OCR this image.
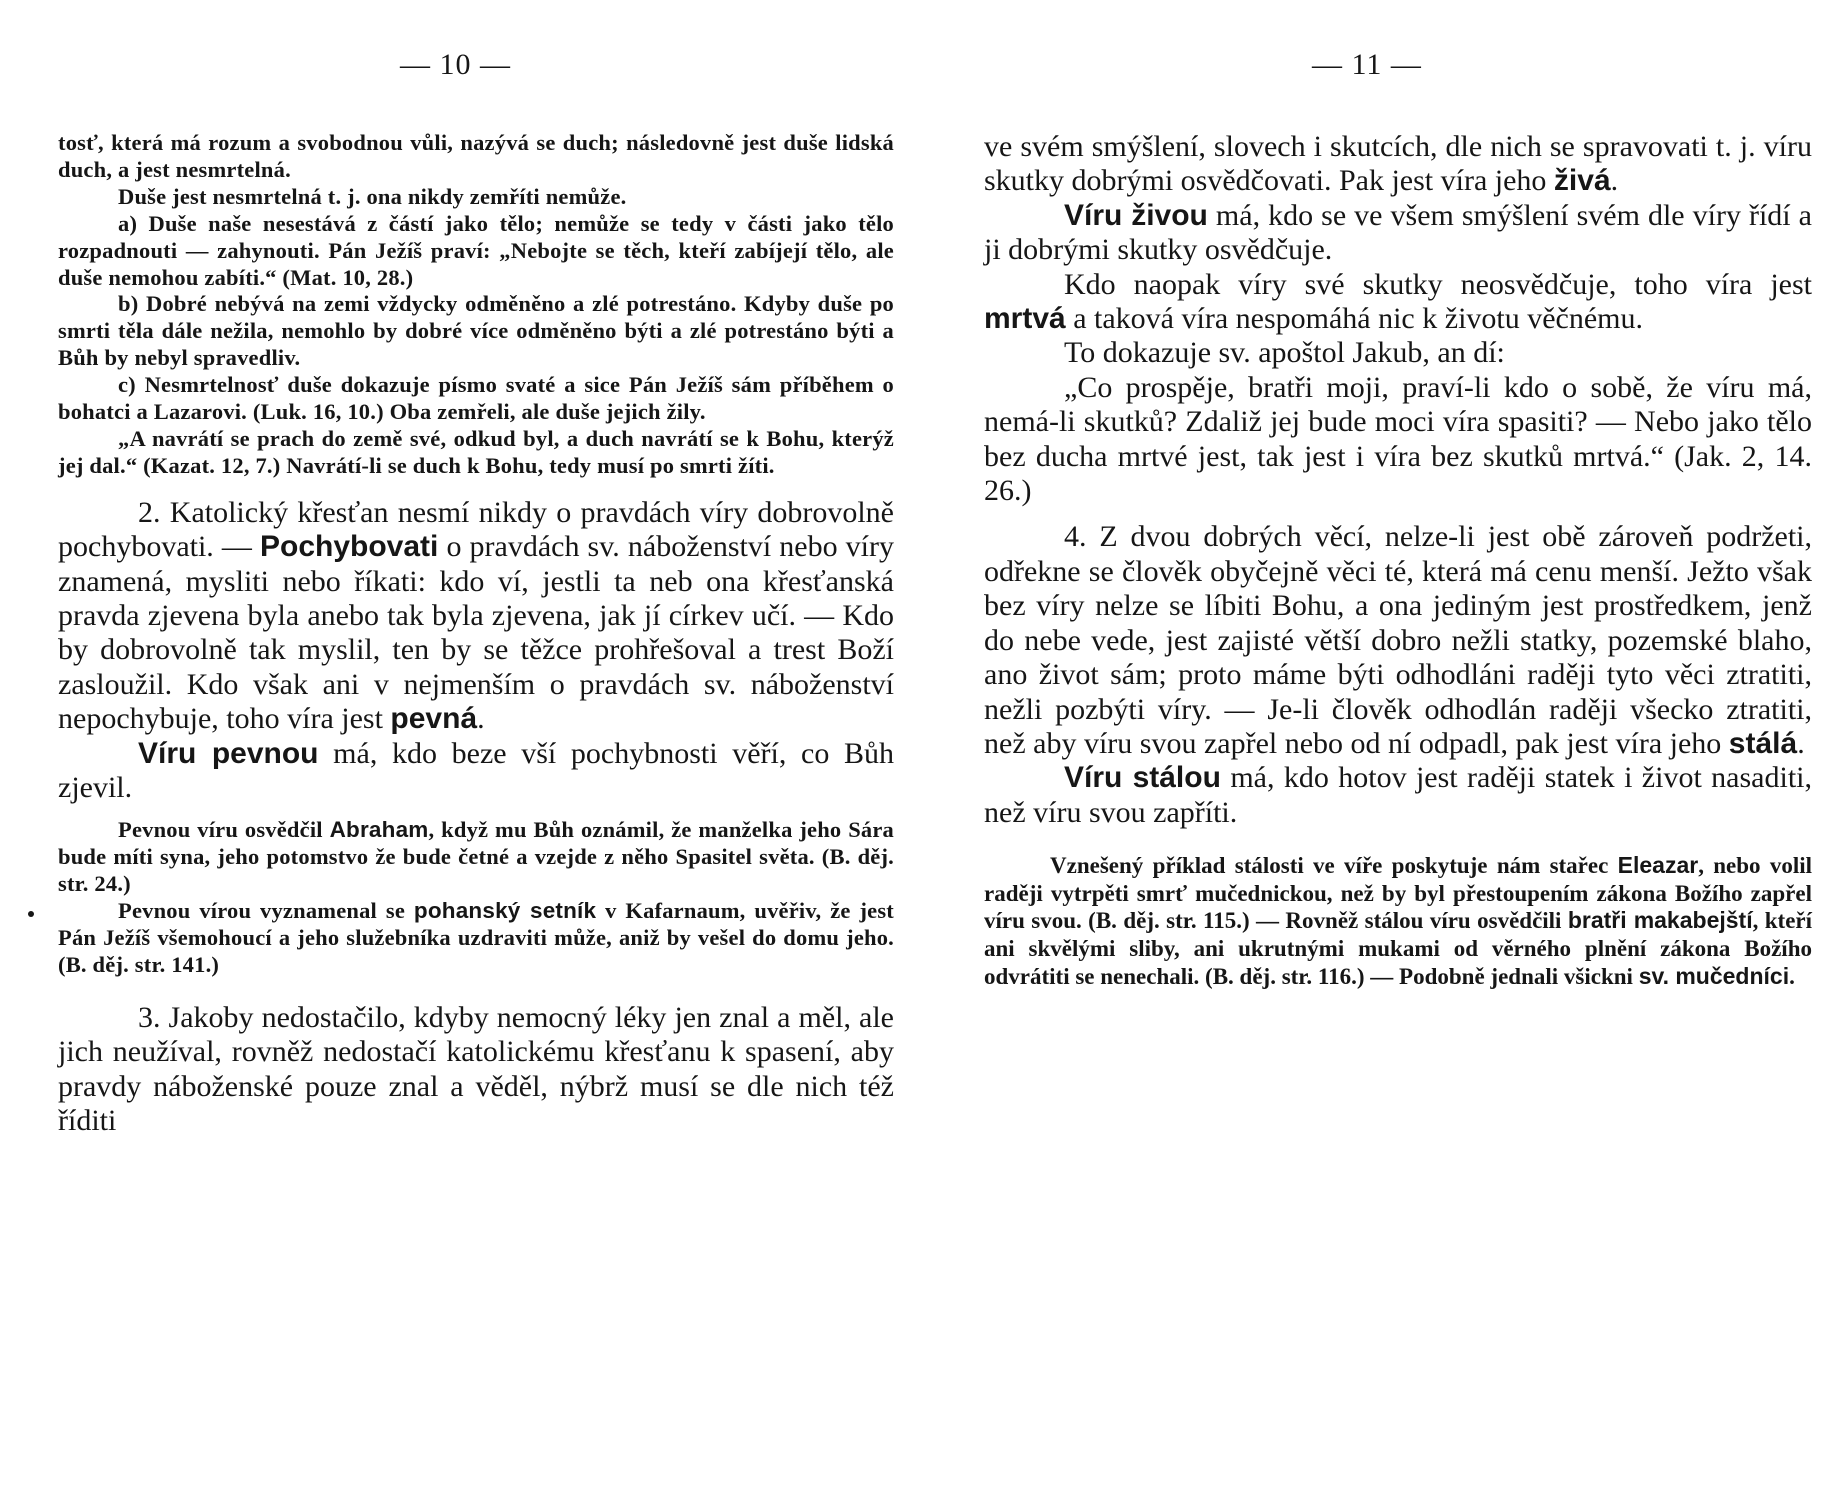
— 10 —

tosť, která má rozum a svobodnou vůli, nazývá se duch; následovně jest duše lidská duch, a jest nesmrtelná.

Duše jest nesmrtelná t. j. ona nikdy zemříti nemůže.

a) Duše naše nesestává z částí jako tělo; nemůže se tedy v části jako tělo rozpadnouti — zahynouti. Pán Ježíš praví: „Nebojte se těch, kteří zabíjejí tělo, ale duše nemohou zabíti.“ (Mat. 10, 28.)

b) Dobré nebývá na zemi vždycky odměněno a zlé potrestáno. Kdyby duše po smrti těla dále nežila, nemohlo by dobré více odměněno býti a zlé potrestáno býti a Bůh by nebyl spravedliv.

c) Nesmrtelnosť duše dokazuje písmo svaté a sice Pán Ježíš sám příběhem o bohatci a Lazarovi. (Luk. 16, 10.) Oba zemřeli, ale duše jejich žily.

„A navrátí se prach do země své, odkud byl, a duch navrátí se k Bohu, kterýž jej dal.“ (Kazat. 12, 7.) Navrátí-li se duch k Bohu, tedy musí po smrti žíti.

2. Katolický křesťan nesmí nikdy o pravdách víry dobrovolně pochybovati. — Pochybovati o pravdách sv. náboženství nebo víry znamená, mysliti nebo říkati: kdo ví, jestli ta neb ona křesťanská pravda zjevena byla anebo tak byla zjevena, jak jí církev učí. — Kdo by dobrovolně tak myslil, ten by se těžce prohřešoval a trest Boží zasloužil. Kdo však ani v nejmenším o pravdách sv. náboženství nepochybuje, toho víra jest pevná.

Víru pevnou má, kdo beze vší pochybnosti věří, co Bůh zjevil.

Pevnou víru osvědčil Abraham, když mu Bůh oznámil, že manželka jeho Sára bude míti syna, jeho potomstvo že bude četné a vzejde z něho Spasitel světa. (B. děj. str. 24.)

Pevnou vírou vyznamenal se pohanský setník v Kafarnaum, uvěřiv, že jest Pán Ježíš všemohoucí a jeho služebníka uzdraviti může, aniž by vešel do domu jeho. (B. děj. str. 141.)

3. Jakoby nedostačilo, kdyby nemocný léky jen znal a měl, ale jich neužíval, rovněž nedostačí katolickému křesťanu k spasení, aby pravdy náboženské pouze znal a věděl, nýbrž musí se dle nich též říditi

— 11 —

ve svém smýšlení, slovech i skutcích, dle nich se spravovati t. j. víru skutky dobrými osvědčovati. Pak jest víra jeho živá.

Víru živou má, kdo se ve všem smýšlení svém dle víry řídí a ji dobrými skutky osvědčuje.

Kdo naopak víry své skutky neosvědčuje, toho víra jest mrtvá a taková víra nespomáhá nic k životu věčnému.

To dokazuje sv. apoštol Jakub, an dí:

„Co prospěje, bratři moji, praví-li kdo o sobě, že víru má, nemá-li skutků? Zdaliž jej bude moci víra spasiti? — Nebo jako tělo bez ducha mrtvé jest, tak jest i víra bez skutků mrtvá.“ (Jak. 2, 14. 26.)

4. Z dvou dobrých věcí, nelze-li jest obě zároveň podržeti, odřekne se člověk obyčejně věci té, která má cenu menší. Ježto však bez víry nelze se líbiti Bohu, a ona jediným jest prostředkem, jenž do nebe vede, jest zajisté větší dobro nežli statky, pozemské blaho, ano život sám; proto máme býti odhodláni raději tyto věci ztratiti, nežli pozbýti víry. — Je-li člověk odhodlán raději všecko ztratiti, než aby víru svou zapřel nebo od ní odpadl, pak jest víra jeho stálá.

Víru stálou má, kdo hotov jest raději statek i život nasaditi, než víru svou zapříti.

Vznešený příklad stálosti ve víře poskytuje nám stařec Eleazar, nebo volil raději vytrpěti smrť mučednickou, než by byl přestoupením zákona Božího zapřel víru svou. (B. děj. str. 115.) — Rovněž stálou víru osvědčili bratři makabejští, kteří ani skvělými sliby, ani ukrutnými mukami od věrného plnění zákona Božího odvrátiti se nenechali. (B. děj. str. 116.) — Podobně jednali všickni sv. mučedníci.
